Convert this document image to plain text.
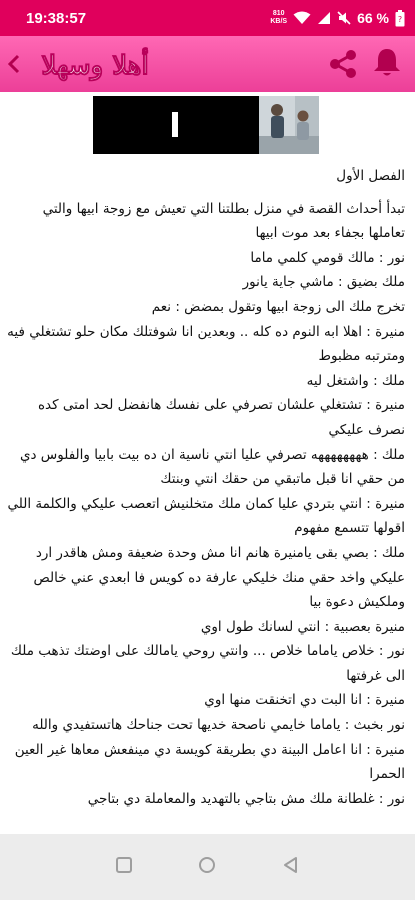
19:38:57	810
KB/S	66 % ?
أهلا وسهلا

الفصل الأول

تبدأ أحداث القصة في منزل بطلتنا التي تعيش مع زوجة ابيها والتي تعاملها بجفاء بعد موت ابيها

نور : مالك قومي كلمي ماما

ملك بضيق : ماشي جاية يانور

تخرج ملك الى زوجة ابيها وتقول بمضض : نعم

منيرة : اهلا ابه النوم ده كله .. وبعدين انا شوفتلك مكان حلو تشتغلي فيه ومترتبه مظبوط

ملك : واشتغل ليه

منيرة : تشتغلي علشان تصرفي على نفسك هانفضل لحد امتى كده نصرف عليكي

ملك : ههههههههه تصرفي عليا انتي ناسية ان ده بيت بابيا والفلوس دي من حقي انا قبل ماتبقي من حقك انتي وبنتك

منيرة : انتي بتردي عليا كمان ملك متخلنيش اتعصب عليكي والكلمة اللي اقولها تتسمع مفهوم

ملك : بصي بقى يامنيرة هانم انا مش وحدة ضعيفة ومش هاقدر ارد عليكي واخد حقي منك خليكي عارفة ده كويس فا ابعدي عني خالص وملكيش دعوة بيا

منيرة بعصبية : انتي لسانك طول اوي

نور : خلاص ياماما خلاص ... وانتي روحي يامالك على اوضتك تذهب ملك الى غرفتها

منيرة : انا البت دي اتخنقت منها اوي

نور بخبث : ياماما خايمي ناصحة خديها تحت جناحك هاتستفيدي والله

منيرة : انا اعامل البينة دي بطريقة كويسة دي مينفعش معاها غير العين الحمرا

نور : غلطانة ملك مش بتاجي بالتهديد والمعاملة دي بتاجي
